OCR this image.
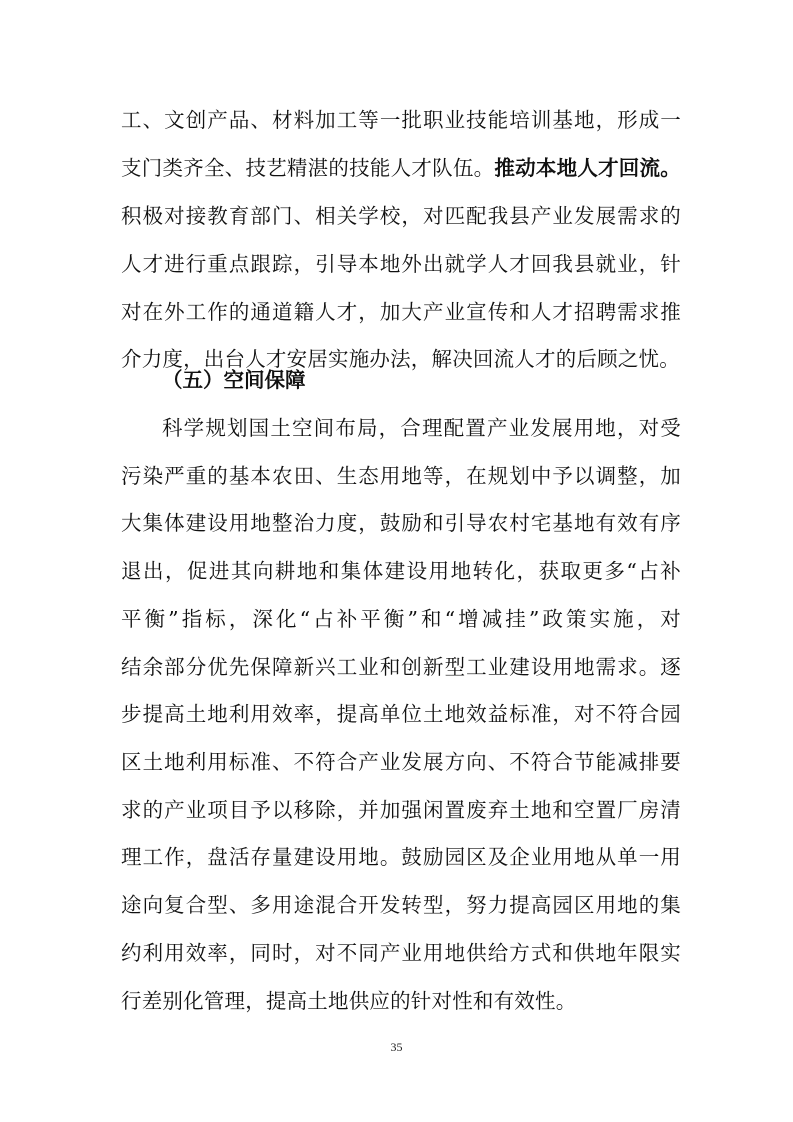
工、文创产品、材料加工等一批职业技能培训基地，形成一
支门类齐全、技艺精湛的技能人才队伍。推动本地人才回流。
积极对接教育部门、相关学校，对匹配我县产业发展需求的
人才进行重点跟踪，引导本地外出就学人才回我县就业，针
对在外工作的通道籍人才，加大产业宣传和人才招聘需求推
介力度，出台人才安居实施办法，解决回流人才的后顾之忧。
（五）空间保障
科学规划国土空间布局，合理配置产业发展用地，对受
污染严重的基本农田、生态用地等，在规划中予以调整，加
大集体建设用地整治力度，鼓励和引导农村宅基地有效有序
退出，促进其向耕地和集体建设用地转化，获取更多“占补
平衡”指标，深化“占补平衡”和“增减挂”政策实施，对
结余部分优先保障新兴工业和创新型工业建设用地需求。逐
步提高土地利用效率，提高单位土地效益标准，对不符合园
区土地利用标准、不符合产业发展方向、不符合节能减排要
求的产业项目予以移除，并加强闲置废弃土地和空置厂房清
理工作，盘活存量建设用地。鼓励园区及企业用地从单一用
途向复合型、多用途混合开发转型，努力提高园区用地的集
约利用效率，同时，对不同产业用地供给方式和供地年限实
行差别化管理，提高土地供应的针对性和有效性。
35
